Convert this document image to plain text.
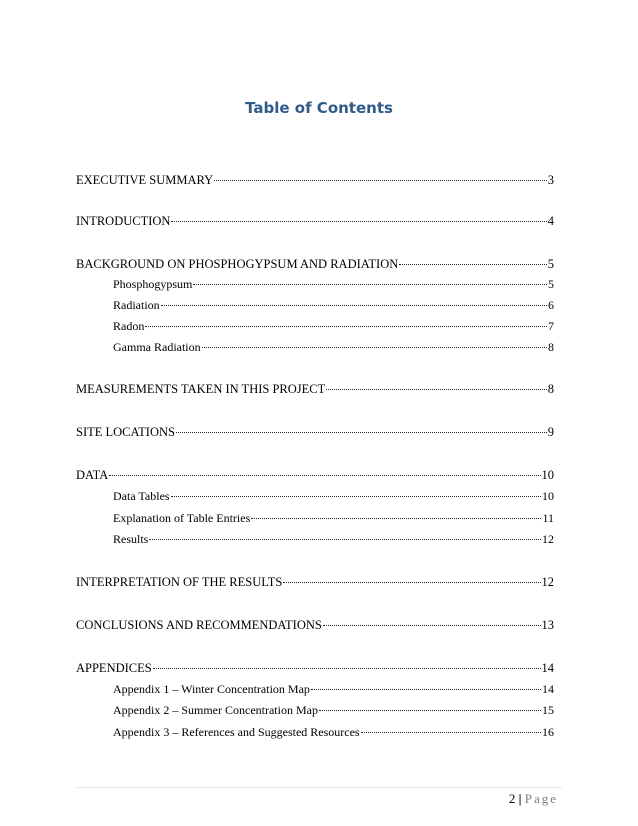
Table of Contents
EXECUTIVE SUMMARY	3
INTRODUCTION	4
BACKGROUND ON PHOSPHOGYPSUM AND RADIATION	5
Phosphogypsum	5
Radiation	6
Radon	7
Gamma Radiation	8
MEASUREMENTS TAKEN IN THIS PROJECT	8
SITE LOCATIONS	9
DATA	10
Data Tables	10
Explanation of Table Entries	11
Results	12
INTERPRETATION OF THE RESULTS	12
CONCLUSIONS AND RECOMMENDATIONS	13
APPENDICES	14
Appendix 1 – Winter Concentration Map	14
Appendix 2 – Summer Concentration Map	15
Appendix 3 – References and Suggested Resources	16
2 | Page
